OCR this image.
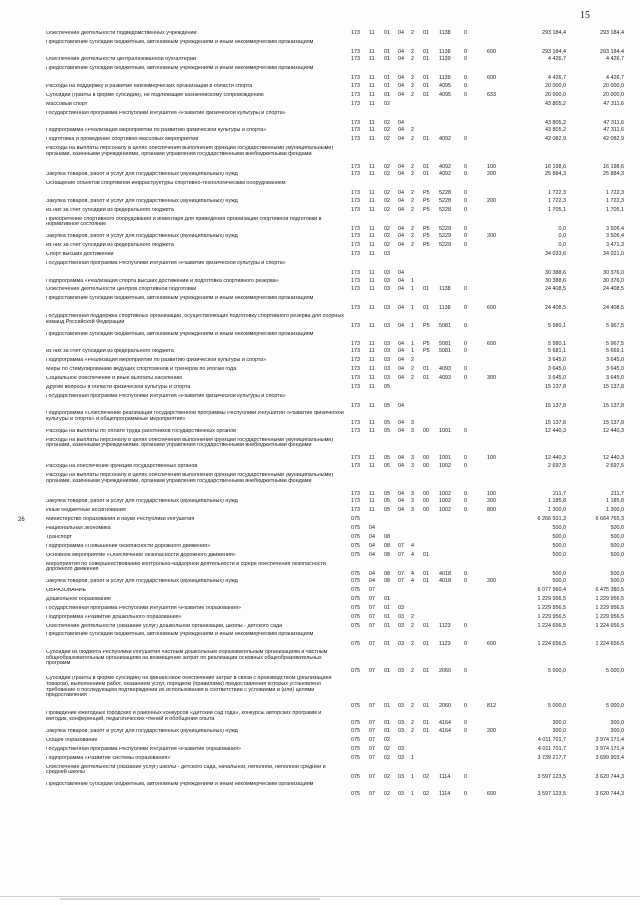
15
26
Обеспечение деятельности подведомственных учреждений	173 11 01 04 2 01 1138 0	293 184,4	293 184,4
Предоставление субсидий бюджетным, автономным учреждениям и иным некоммерческим организациям
173 11 01 04 2 01 1138 0	600	293 184,4	293 184,4
Обеспечение деятельности централизованной бухгалтерии	173 11 01 04 2 01 1139 0	4 426,7	4 426,7
Предоставление субсидий бюджетным, автономным учреждениям и иным некоммерческим организациям
173 11 01 04 2 01 1139 0	600	4 426,7	4 426,7
Расходы на поддержку и развитие некоммерческих организаций в области спорта	173 11 01 04 2 01 4095 0	20 000,0	20 000,0
Субсидии (гранты в форме субсидий), не подлежащие казначейскому сопровождению	173 11 01 04 2 01 4095 0	633	20 000,0	20 000,0
Массовый спорт	173 11 02	43 805,2	47 311,6
Государственная программа Республики Ингушетия «Развитие физической культуры и спорта»
173 11 02 04	43 805,2	47 311,6
Подпрограмма «Реализация мероприятий по развитию физической культуры и спорта»	173 11 02 04 2	43 805,2	47 311,6
Подготовка и проведение спортивно-массовых мероприятий	173 11 02 04 2 01 4092 0	42 082,9	42 082,9
Расходы на выплаты персоналу в целях обеспечения выполнения функций государственными (муниципальными) органами, казенными учреждениями, органами управления государственными внебюджетными фондами
173 11 02 04 2 01 4092 0	100	16 198,6	16 198,6
Закупка товаров, работ и услуг для государственных (муниципальных) нужд	173 11 02 04 2 01 4092 0	200	25 884,3	25 884,3
Оснащение объектов спортивной инфраструктуры спортивно-технологическим оборудованием
173 11 02 04 2 P5 5228 0	1 722,3	1 722,3
Закупка товаров, работ и услуг для государственных (муниципальных) нужд	173 11 02 04 2 P5 5228 0	200	1 722,3	1 722,3
из них за счет субсидии из федерального бюджета	173 11 02 04 2 P5 5228 0	1 705,1	1 705,1
Приобретение спортивного оборудования и инвентаря для приведения организаций спортивной подготовки в нормативное состояние
173 11 02 04 2 P5 5229 0	0,0	3 506,4
Закупка товаров, работ и услуг для государственных (муниципальных) нужд	173 11 02 04 2 P5 5229 0	200	0,0	3 506,4
из них за счет субсидии из федерального бюджета	173 11 02 04 2 P5 5229 0	0,0	3 471,3
Спорт высших достижений	173 11 03	34 033,6	34 021,0
Государственная программа Республики Ингушетия «Развитие физической культуры и спорта»
173 11 03 04	30 388,6	30 376,0
Подпрограмма «Реализация спорта высших достижений и подготовка спортивного резерва»	173 11 03 04 1	30 388,6	30 376,0
Обеспечение деятельности центров спортивной подготовки	173 11 03 04 1 01 1138 0	24 408,5	24 408,5
Предоставление субсидий бюджетным, автономным учреждениям и иным некоммерческим организациям
173 11 03 04 1 01 1138 0	600	24 408,5	24 408,5
Государственная поддержка спортивных организаций, осуществляющих подготовку спортивного резерва для сборных команд Российской Федерации
173 11 03 04 1 P5 5081 0	5 980,1	5 967,5
Предоставление субсидий бюджетным, автономным учреждениям и иным некоммерческим организациям
173 11 03 04 1 P5 5081 0	600	5 980,1	5 967,5
из них за счет субсидии из федерального бюджета	173 11 03 04 1 P5 5081 0	5 681,1	5 669,1
Подпрограмма «Реализация мероприятий по развитию физической культуры и спорта»	173 11 03 04 2	3 645,0	3 645,0
Меры по стимулированию ведущих спортсменов и тренеров по итогам года	173 11 03 04 2 01 4093 0	3 645,0	3 645,0
Социальное обеспечение и иные выплаты населению	173 11 03 04 2 01 4093 0	300	3 645,0	3 645,0
Другие вопросы в области физической культуры и спорта	173 11 05	15 137,8	15 137,8
Государственная программа Республики Ингушетия «Развитие физической культуры и спорта»
173 11 05 04	15 137,8	15 137,8
Подпрограмма «Обеспечение реализации государственной программы Республики Ингушетия «Развитие физической культуры и спорта» и общепрограммные мероприятия»
173 11 05 04 3	15 137,8	15 137,8
Расходы на выплаты по оплате труда работников государственных органов	173 11 05 04 3 00 1001 0	12 440,3	12 440,3
Расходы на выплаты персоналу в целях обеспечения выполнения функций государственными (муниципальными) органами, казенными учреждениями, органами управления государственными внебюджетными фондами
173 11 05 04 3 00 1001 0	100	12 440,3	12 440,3
Расходы на обеспечение функций государственных органов	173 11 05 04 3 00 1002 0	2 697,5	2 697,5
Расходы на выплаты персоналу в целях обеспечения выполнения функций государственными (муниципальными) органами, казенными учреждениями, органами управления государственными внебюджетными фондами
173 11 05 04 3 00 1002 0	100	211,7	211,7
Закупка товаров, работ и услуг для государственных (муниципальных) нужд	173 11 05 04 3 00 1002 0	200	1 185,8	1 185,8
Иные бюджетные ассигнования	173 11 05 04 3 00 1002 0	800	1 300,0	1 300,0
Министерство образования и науки Республики Ингушетия	075	6 266 931,3	6 664 765,3
Национальная экономика	075 04	500,0	500,0
Транспорт	075 04 08	500,0	500,0
Подпрограмма «Повышение безопасности дорожного движения»	075 04 08 07 4	500,0	500,0
Основное мероприятие «Обеспечение безопасности дорожного движения»	075 04 08 07 4 01	500,0	500,0
Мероприятия по совершенствованию контрольно-надзорной деятельности в сфере обеспечения безопасности дорожного движения
075 04 08 07 4 01 4018 0	500,0	500,0
Закупка товаров, работ и услуг для государственных (муниципальных) нужд	075 04 08 07 4 01 4018 0	200	500,0	500,0
ОБРАЗОВАНИЕ	075 07	6 077 960,4	6 475 380,5
Дошкольное образование	075 07 01	1 229 956,5	1 229 956,5
Государственная программа Республики Ингушетия «Развитие образования»	075 07 01 03	1 229 956,5	1 229 956,5
Подпрограмма «Развитие дошкольного образования»	075 07 01 03 2	1 229 956,5	1 229 956,5
Обеспечение деятельности (оказание услуг) дошкольной организации, школы - детского сада	075 07 01 03 2 01 1123 0	1 224 656,5	1 224 656,5
Предоставление субсидий бюджетным, автономным учреждениям и иным некоммерческим организациям
075 07 01 03 2 01 1123 0	600	1 224 656,5	1 224 656,5
Субсидии из бюджета Республики Ингушетия частным дошкольным образовательным организациям и частным общеобразовательным организациям на возмещение затрат по реализации основных общеобразовательных программ
075 07 01 03 2 01 2060 0	5 000,0	5 000,0
Субсидии (гранты в форме субсидий) на финансовое обеспечение затрат в связи с производством (реализацией товаров), выполнением работ, оказанием услуг, порядком (правилами) предоставления которых установлено требование о последующем подтверждении их использования в соответствии с условиями и (или) целями предоставления
075 07 01 03 2 01 2060 0	812	5 000,0	5 000,0
Проведение ежегодных городских и районных конкурсов «Детский сад года», конкурсы авторских программ и методик, конференций, педагогических чтений и обобщения опыта
075 07 01 03 2 01 4164 0	300,0	300,0
Закупка товаров, работ и услуг для государственных (муниципальных) нужд	075 07 01 03 2 01 4164 0	200	300,0	300,0
Общее образование	075 07 02	4 011 701,7	3 974 171,4
Государственная программа Республики Ингушетия «Развитие образования»	075 07 02 03	4 011 701,7	3 974 171,4
Подпрограмма «Развитие системы образования»	075 07 02 03 1	3 739 217,7	3 699 903,4
Обеспечение деятельности (оказание услуг) школы - детского сада, начальной, неполной, неполной средней и средней школы
075 07 02 03 1 02 1114	0	3 597 123,5	3 620 744,3
Предоставление субсидий бюджетным, автономным учреждениям и иным некоммерческим организациям
075 07 02 03 1 02 1114	0	600	3 597 123,5	3 620 744,3
